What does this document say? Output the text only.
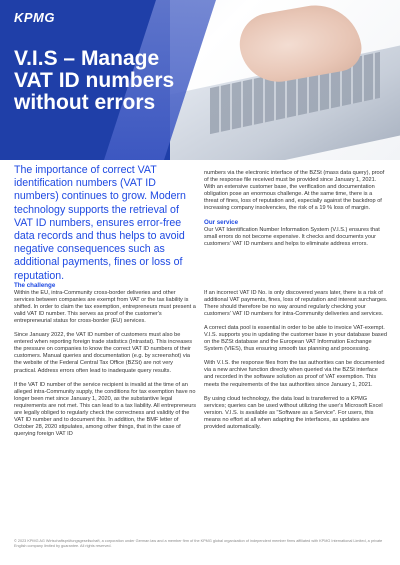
KPMG
V.I.S – Manage
VAT ID numbers
without errors
The importance of correct VAT identification numbers (VAT ID numbers) continues to grow. Modern technology supports the retrieval of VAT ID numbers, ensures error-free data records and thus helps to avoid negative consequences such as additional payments, fines or loss of reputation.
The challenge

Within the EU, intra-Community cross-border deliveries and other services between companies are exempt from VAT or the tax liability is shifted. In order to claim the tax exemption, entrepreneurs must present a valid VAT ID number. This serves as proof of the customer's entrepreneurial status for cross-border (EU) services.

Since January 2022, the VAT ID number of customers must also be entered when reporting foreign trade statistics (Intrastat). This increases the pressure on companies to know the correct VAT ID numbers of their customers. Manual queries and documentation (e.g. by screenshot) via the website of the Federal Central Tax Office (BZSt) are not very practical. Address errors often lead to inadequate query results.

If the VAT ID number of the service recipient is invalid at the time of an alleged intra-Community supply, the conditions for tax exemption have no longer been met since January 1, 2020, as the substantive legal requirements are not met. This can lead to a tax liability. All entrepreneurs are legally obliged to regularly check the correctness and validity of the VAT ID number and to document this. In addition, the BMF letter of October 28, 2020 stipulates, among other things, that in the case of querying foreign VAT ID

numbers via the electronic interface of the BZSt (mass data query), proof of the response file received must be provided since January 1, 2021. With an extensive customer base, the verification and documentation obligation pose an enormous challenge. At the same time, there is a threat of fines, loss of reputation and, especially against the backdrop of increasing company insolvencies, the risk of a 19 % loss of margin.

Our service

Our VAT Identification Number Information System (V.I.S.) ensures that small errors do not become expensive. It checks and documents your customers' VAT ID numbers and helps to eliminate address errors.

If an incorrect VAT ID No. is only discovered years later, there is a risk of additional VAT payments, fines, loss of reputation and interest surcharges. There should therefore be no way around regularly checking your customers' VAT ID numbers for intra-Community deliveries and services.

A correct data pool is essential in order to be able to invoice VAT-exempt. V.I.S. supports you in updating the customer base in your database based on the BZSt database and the European VAT Information Exchange System (VIES), thus ensuring smooth tax planning and processing.

With V.I.S. the response files from the tax authorities can be documented via a new archive function directly when queried via the BZSt interface and recorded in the software solution as proof of VAT exemption. This meets the requirements of the tax authorities since January 1, 2021.

By using cloud technology, the data load is transferred to a KPMG services; queries can be used without utilizing the user's Microsoft Excel version. V.I.S. is available as "Software as a Service". For users, this means no effort at all when adapting the interfaces, as updates are provided automatically.

© 2023 KPMG AG Wirtschaftsprüfungsgesellschaft, a corporation under German law and a member firm of the KPMG global organization of independent member firms affiliated with KPMG International Limited, a private English company limited by guarantee. All rights reserved.
